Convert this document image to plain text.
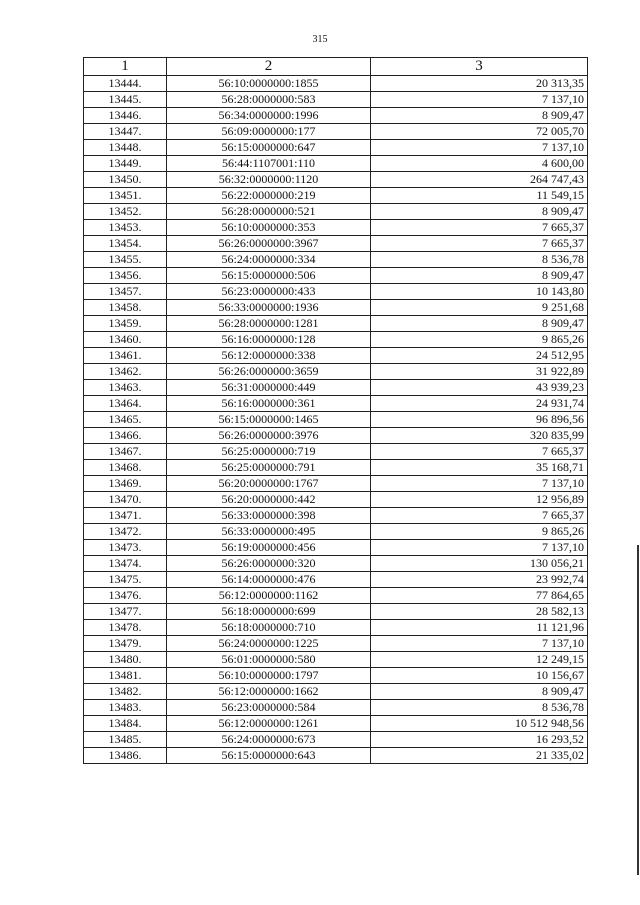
315
1	2	3
13444.	56:10:0000000:1855	20 313,35
13445.	56:28:0000000:583	7 137,10
13446.	56:34:0000000:1996	8 909,47
13447.	56:09:0000000:177	72 005,70
13448.	56:15:0000000:647	7 137,10
13449.	56:44:1107001:110	4 600,00
13450.	56:32:0000000:1120	264 747,43
13451.	56:22:0000000:219	11 549,15
13452.	56:28:0000000:521	8 909,47
13453.	56:10:0000000:353	7 665,37
13454.	56:26:0000000:3967	7 665,37
13455.	56:24:0000000:334	8 536,78
13456.	56:15:0000000:506	8 909,47
13457.	56:23:0000000:433	10 143,80
13458.	56:33:0000000:1936	9 251,68
13459.	56:28:0000000:1281	8 909,47
13460.	56:16:0000000:128	9 865,26
13461.	56:12:0000000:338	24 512,95
13462.	56:26:0000000:3659	31 922,89
13463.	56:31:0000000:449	43 939,23
13464.	56:16:0000000:361	24 931,74
13465.	56:15:0000000:1465	96 896,56
13466.	56:26:0000000:3976	320 835,99
13467.	56:25:0000000:719	7 665,37
13468.	56:25:0000000:791	35 168,71
13469.	56:20:0000000:1767	7 137,10
13470.	56:20:0000000:442	12 956,89
13471.	56:33:0000000:398	7 665,37
13472.	56:33:0000000:495	9 865,26
13473.	56:19:0000000:456	7 137,10
13474.	56:26:0000000:320	130 056,21
13475.	56:14:0000000:476	23 992,74
13476.	56:12:0000000:1162	77 864,65
13477.	56:18:0000000:699	28 582,13
13478.	56:18:0000000:710	11 121,96
13479.	56:24:0000000:1225	7 137,10
13480.	56:01:0000000:580	12 249,15
13481.	56:10:0000000:1797	10 156,67
13482.	56:12:0000000:1662	8 909,47
13483.	56:23:0000000:584	8 536,78
13484.	56:12:0000000:1261	10 512 948,56
13485.	56:24:0000000:673	16 293,52
13486.	56:15:0000000:643	21 335,02
